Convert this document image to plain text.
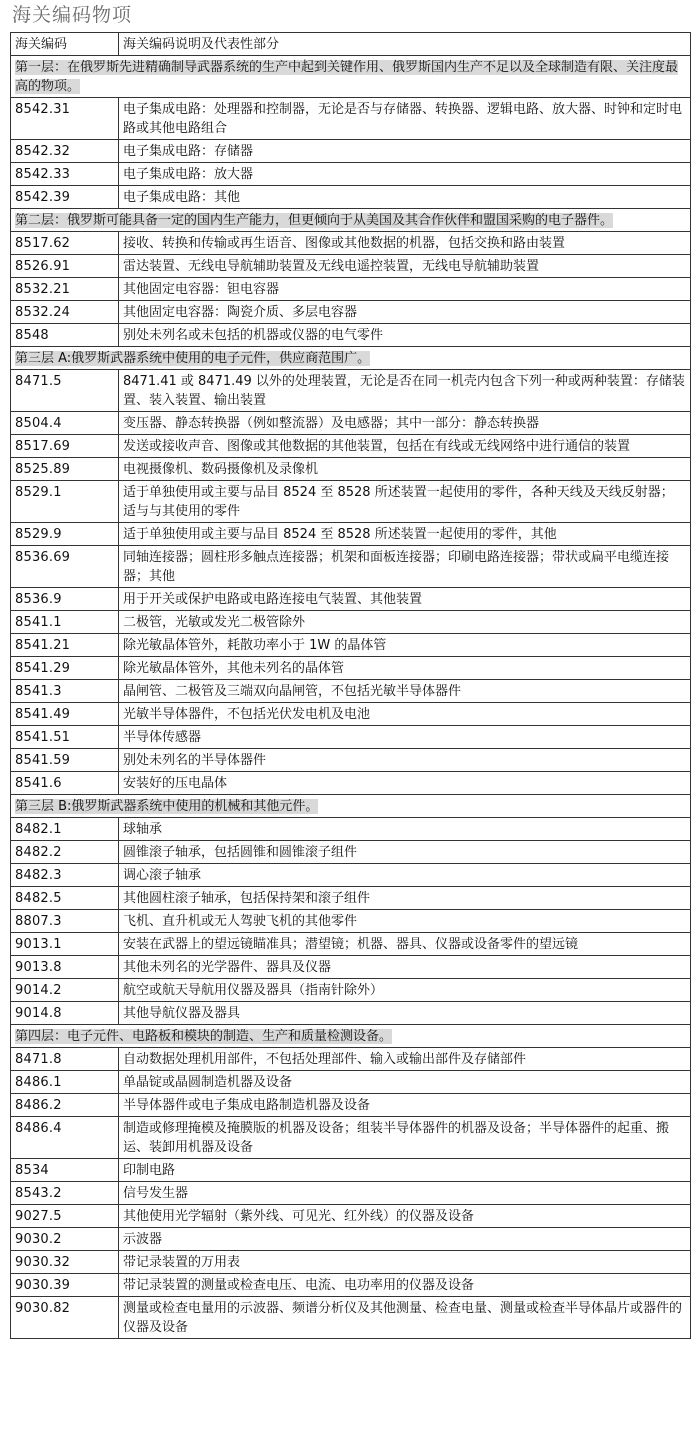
海关编码物项
海关编码	海关编码说明及代表性部分
第一层：在俄罗斯先进精确制导武器系统的生产中起到关键作用、俄罗斯国内生产不足以及全球制造有限、关注度最高的物项。	
8542.31	电子集成电路：处理器和控制器，无论是否与存储器、转换器、逻辑电路、放大器、时钟和定时电路或其他电路组合
8542.32	电子集成电路：存储器
8542.33	电子集成电路：放大器
8542.39	电子集成电路：其他
第二层：俄罗斯可能具备一定的国内生产能力，但更倾向于从美国及其合作伙伴和盟国采购的电子器件。	
8517.62	接收、转换和传输或再生语音、图像或其他数据的机器，包括交换和路由装置
8526.91	雷达装置、无线电导航辅助装置及无线电遥控装置，无线电导航辅助装置
8532.21	其他固定电容器：钽电容器
8532.24	其他固定电容器：陶瓷介质、多层电容器
8548	别处未列名或未包括的机器或仪器的电气零件
第三层 A:俄罗斯武器系统中使用的电子元件，供应商范围广。	
8471.5	8471.41 或 8471.49 以外的处理装置，无论是否在同一机壳内包含下列一种或两种装置：存储装置、装入装置、输出装置
8504.4	变压器、静态转换器（例如整流器）及电感器；其中一部分：静态转换器
8517.69	发送或接收声音、图像或其他数据的其他装置，包括在有线或无线网络中进行通信的装置
8525.89	电视摄像机、数码摄像机及录像机
8529.1	适于单独使用或主要与品目 8524 至 8528 所述装置一起使用的零件，各种天线及天线反射器；适与与其使用的零件
8529.9	适于单独使用或主要与品目 8524 至 8528 所述装置一起使用的零件，其他
8536.69	同轴连接器；圆柱形多触点连接器；机架和面板连接器；印刷电路连接器；带状或扁平电缆连接器；其他
8536.9	用于开关或保护电路或电路连接电气装置、其他装置
8541.1	二极管，光敏或发光二极管除外
8541.21	除光敏晶体管外，耗散功率小于 1W 的晶体管
8541.29	除光敏晶体管外，其他未列名的晶体管
8541.3	晶闸管、二极管及三端双向晶闸管，不包括光敏半导体器件
8541.49	光敏半导体器件，不包括光伏发电机及电池
8541.51	半导体传感器
8541.59	别处未列名的半导体器件
8541.6	安装好的压电晶体
第三层 B:俄罗斯武器系统中使用的机械和其他元件。	
8482.1	球轴承
8482.2	圆锥滚子轴承，包括圆锥和圆锥滚子组件
8482.3	调心滚子轴承
8482.5	其他圆柱滚子轴承，包括保持架和滚子组件
8807.3	飞机、直升机或无人驾驶飞机的其他零件
9013.1	安装在武器上的望远镜瞄准具；潜望镜；机器、器具、仪器或设备零件的望远镜
9013.8	其他未列名的光学器件、器具及仪器
9014.2	航空或航天导航用仪器及器具（指南针除外）
9014.8	其他导航仪器及器具
第四层：电子元件、电路板和模块的制造、生产和质量检测设备。	
8471.8	自动数据处理机用部件，不包括处理部件、输入或输出部件及存储部件
8486.1	单晶锭或晶圆制造机器及设备
8486.2	半导体器件或电子集成电路制造机器及设备
8486.4	制造或修理掩模及掩膜版的机器及设备；组装半导体器件的机器及设备；半导体器件的起重、搬运、装卸用机器及设备
8534	印制电路
8543.2	信号发生器
9027.5	其他使用光学辐射（紫外线、可见光、红外线）的仪器及设备
9030.2	示波器
9030.32	带记录装置的万用表
9030.39	带记录装置的测量或检查电压、电流、电功率用的仪器及设备
9030.82	测量或检查电量用的示波器、频谱分析仪及其他测量、检查电量、测量或检查半导体晶片或器件的仪器及设备
